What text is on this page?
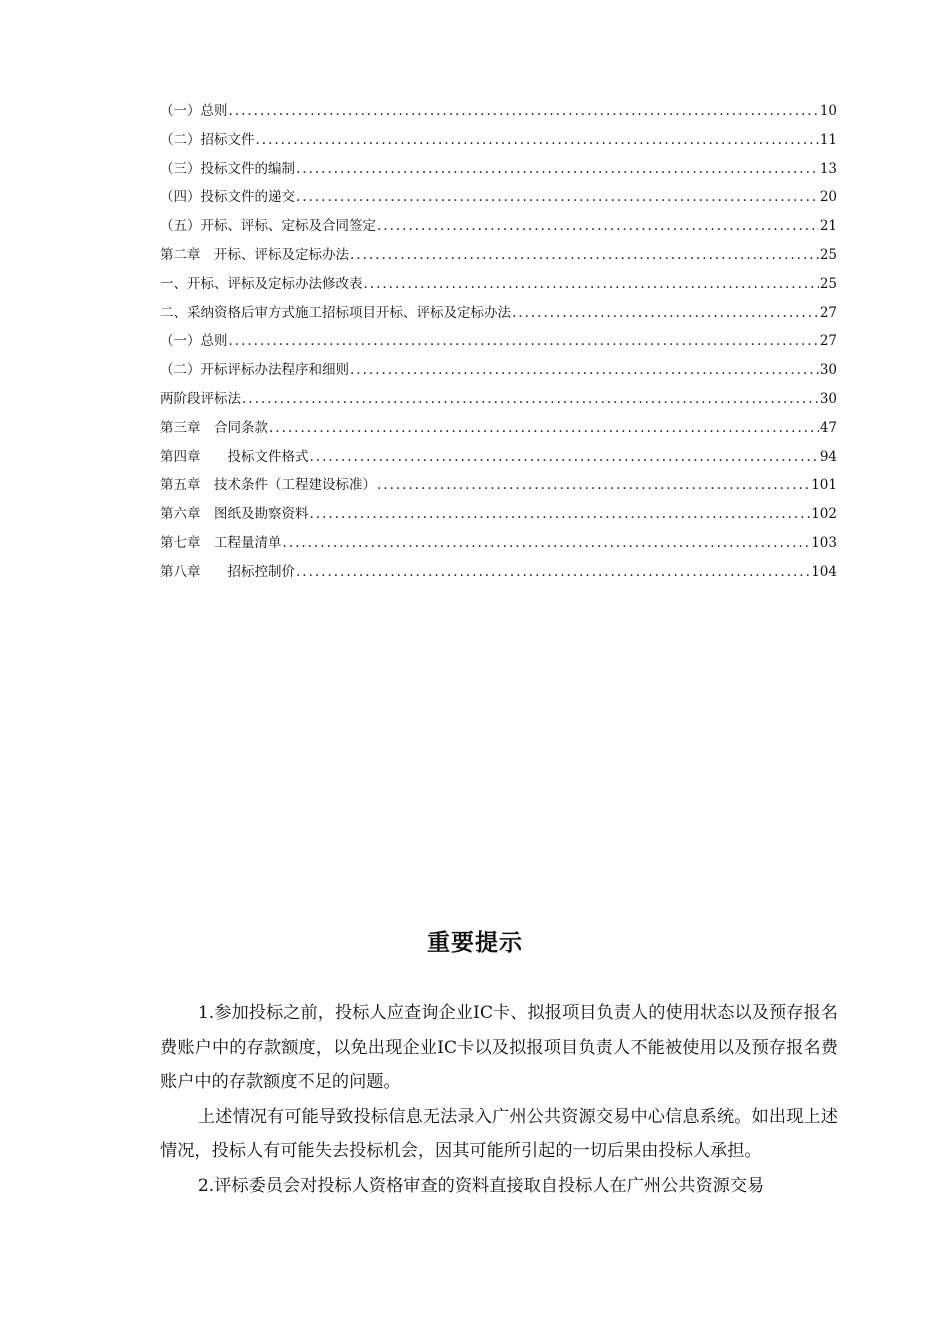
（一）总则 .....	10
（二）招标文件 .....	11
（三）投标文件的编制 .....	13
（四）投标文件的递交 .....	20
（五）开标、评标、定标及合同签定 .....	21
第二章　开标、评标及定标办法 .....	25
一、开标、评标及定标办法修改表 .....	25
二、采纳资格后审方式施工招标项目开标、评标及定标办法 .....	27
（一）总则 .....	27
（二）开标评标办法程序和细则 .....	30
两阶段评标法 .....	30
第三章　合同条款 .....	47
第四章　　投标文件格式 .....	94
第五章　技术条件（工程建设标准） .....	101
第六章　图纸及勘察资料 .....	102
第七章　工程量清单 .....	103
第八章　　招标控制价 .....	104
重要提示

1.参加投标之前，投标人应查询企业IC卡、拟报项目负责人的使用状态以及预存报名费账户中的存款额度，以免出现企业IC卡以及拟报项目负责人不能被使用以及预存报名费账户中的存款额度不足的问题。

上述情况有可能导致投标信息无法录入广州公共资源交易中心信息系统。如出现上述情况，投标人有可能失去投标机会，因其可能所引起的一切后果由投标人承担。

2.评标委员会对投标人资格审查的资料直接取自投标人在广州公共资源交易
